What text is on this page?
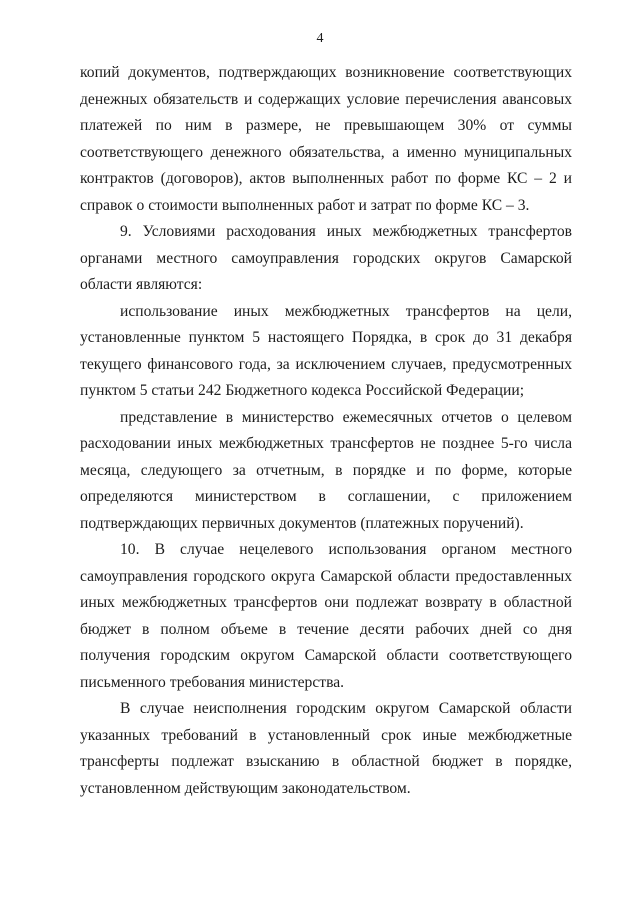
4

копий документов, подтверждающих возникновение соответствующих денежных обязательств и содержащих условие перечисления авансовых платежей по ним в размере, не превышающем 30% от суммы соответствующего денежного обязательства, а именно муниципальных контрактов (договоров), актов выполненных работ по форме КС – 2 и справок о стоимости выполненных работ и затрат по форме КС – 3.

9. Условиями расходования иных межбюджетных трансфертов органами местного самоуправления городских округов Самарской области являются:

использование иных межбюджетных трансфертов на цели, установленные пунктом 5 настоящего Порядка, в срок до 31 декабря текущего финансового года, за исключением случаев, предусмотренных пунктом 5 статьи 242 Бюджетного кодекса Российской Федерации;

представление в министерство ежемесячных отчетов о целевом расходовании иных межбюджетных трансфертов не позднее 5-го числа месяца, следующего за отчетным, в порядке и по форме, которые определяются министерством в соглашении, с приложением подтверждающих первичных документов (платежных поручений).

10. В случае нецелевого использования органом местного самоуправления городского округа Самарской области предоставленных иных межбюджетных трансфертов они подлежат возврату в областной бюджет в полном объеме в течение десяти рабочих дней со дня получения городским округом Самарской области соответствующего письменного требования министерства.

В случае неисполнения городским округом Самарской области указанных требований в установленный срок иные межбюджетные трансферты подлежат взысканию в областной бюджет в порядке, установленном действующим законодательством.
